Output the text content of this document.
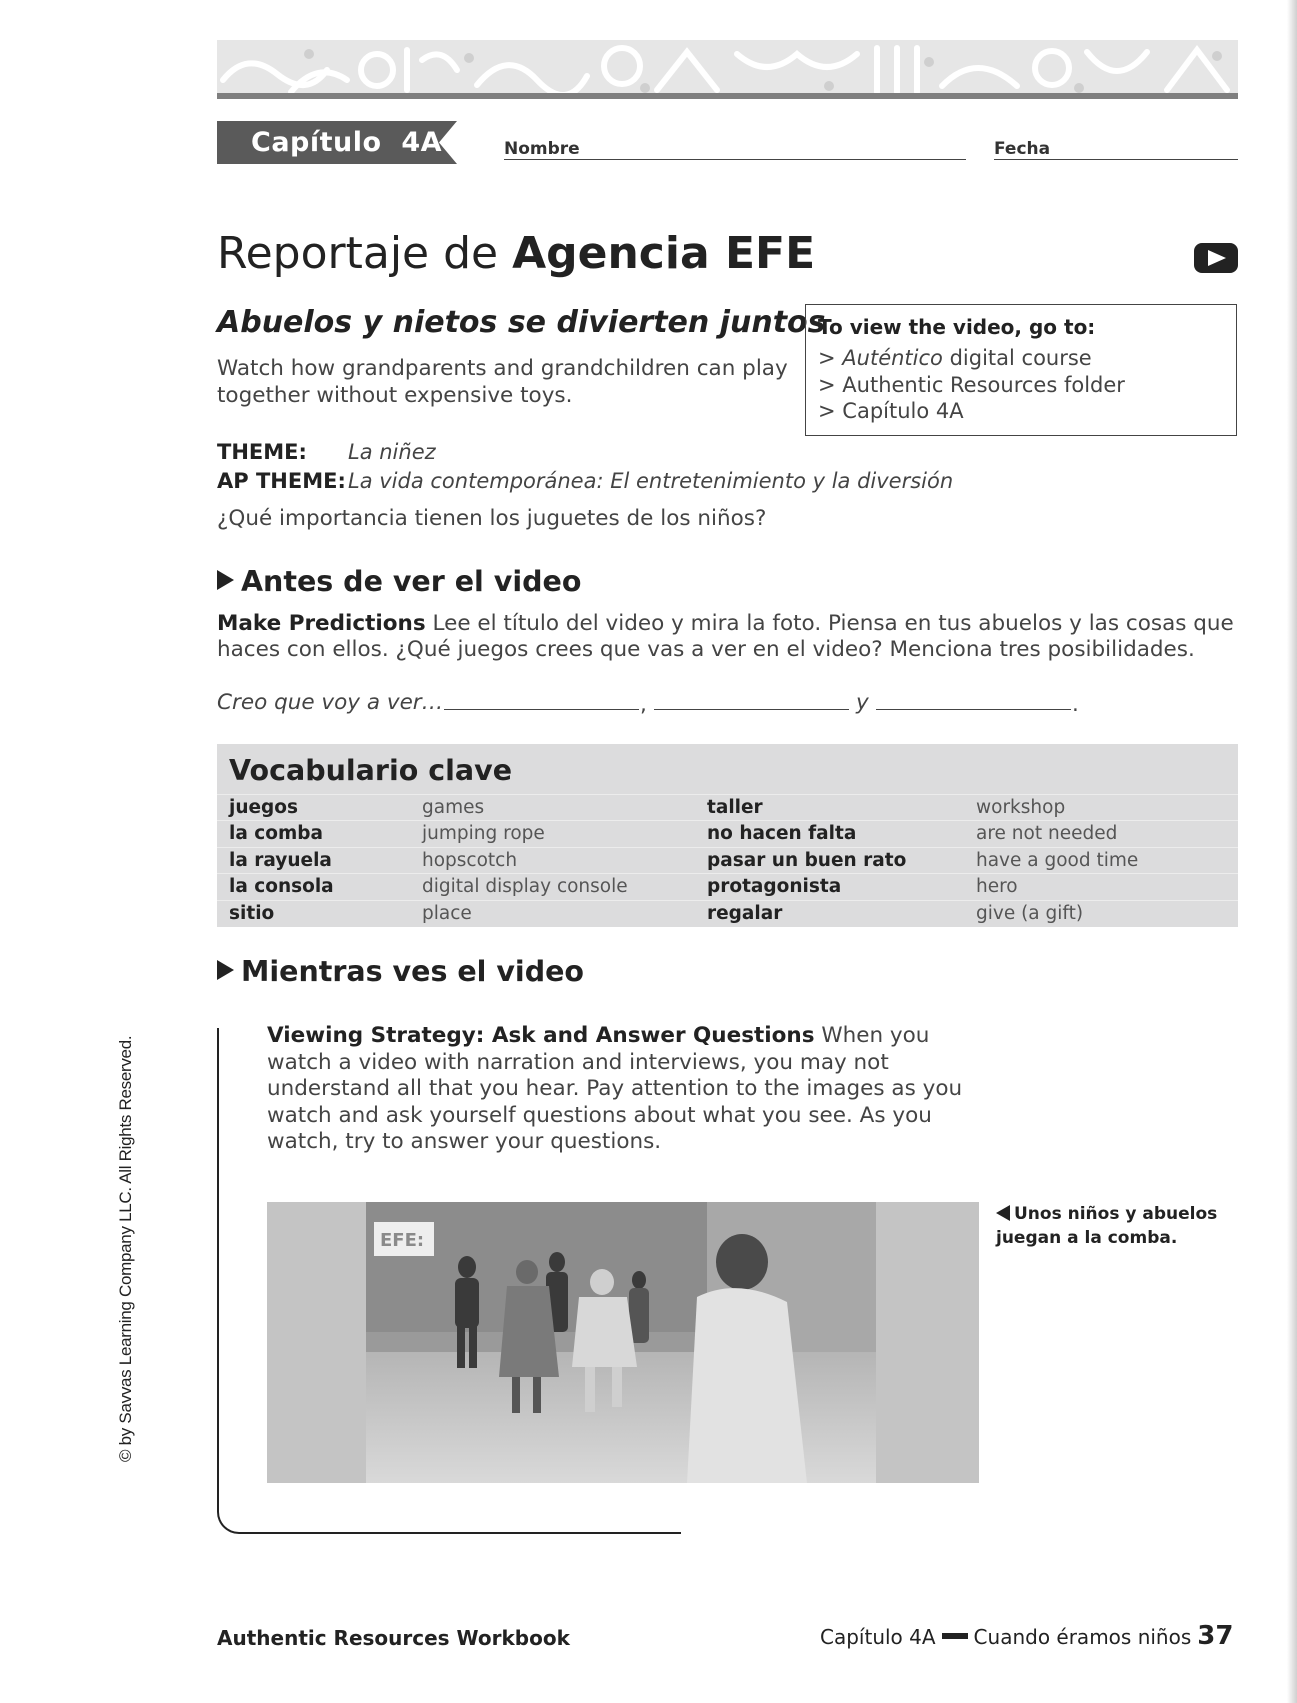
Capítulo 4A	Nombre	Fecha
Reportaje de Agencia EFE
Abuelos y nietos se divierten juntos
Watch how grandparents and grandchildren can play together without expensive toys.
To view the video, go to:
> Auténtico digital course
> Authentic Resources folder
> Capítulo 4A
THEME: La niñez
AP THEME: La vida contemporánea: El entretenimiento y la diversión
¿Qué importancia tienen los juguetes de los niños?
Antes de ver el video
Make Predictions Lee el título del video y mira la foto. Piensa en tus abuelos y las cosas que haces con ellos. ¿Qué juegos crees que vas a ver en el video? Menciona tres posibilidades.
Creo que voy a ver…	,	y	.
Vocabulario clave
juegos	games	taller	workshop
la comba	jumping rope	no hacen falta	are not needed
la rayuela	hopscotch	pasar un buen rato	have a good time
la consola	digital display console	protagonista	hero
sitio	place	regalar	give (a gift)
Mientras ves el video
Viewing Strategy: Ask and Answer Questions When you watch a video with narration and interviews, you may not understand all that you hear. Pay attention to the images as you watch and ask yourself questions about what you see. As you watch, try to answer your questions.
EFE:
Unos niños y abuelos juegan a la comba.
© by Savvas Learning Company LLC. All Rights Reserved.
Authentic Resources Workbook	Capítulo 4A Cuando éramos niños 37
